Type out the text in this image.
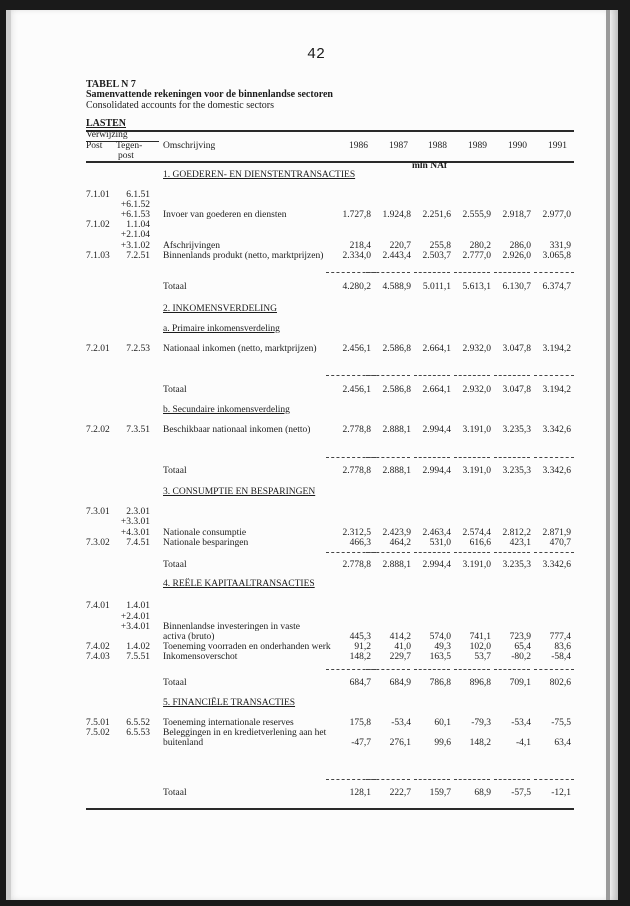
42
TABEL N 7
Samenvattende rekeningen voor de binnenlandse sectoren
Consolidated accounts for the domestic sectors
LASTEN
Verwijzing
Post Tegen-
post
Omschrijving	1986 1987 1988 1989 1990 1991
mln NAf
1. GOEDEREN- EN DIENSTENTRANSACTIES
7.1.01	6.1.51
+6.1.52
+6.1.53 Invoer van goederen en diensten	1.727,8	1.924,8	2.251,6	2.555,9	2.918,7	2.977,0
7.1.02	1.1.04
+2.1.04
+3.1.02 Afschrijvingen	218,4	220,7	255,8	280,2	286,0	331,9
7.1.03	7.2.51 Binnenlands produkt (netto, marktprijzen)	2.334,0	2.443,4	2.503,7	2.777,0	2.926,0	3.065,8
Totaal	4.280,2	4.588,9	5.011,1	5.613,1	6.130,7	6.374,7
2. INKOMENSVERDELING
a. Primaire inkomensverdeling
7.2.01	7.2.53 Nationaal inkomen (netto, marktprijzen)	2.456,1	2.586,8	2.664,1	2.932,0	3.047,8	3.194,2
Totaal	2.456,1	2.586,8	2.664,1	2.932,0	3.047,8	3.194,2
b. Secundaire inkomensverdeling
7.2.02	7.3.51 Beschikbaar nationaal inkomen (netto)	2.778,8	2.888,1	2.994,4	3.191,0	3.235,3	3.342,6
Totaal	2.778,8	2.888,1	2.994,4	3.191,0	3.235,3	3.342,6
3. CONSUMPTIE EN BESPARINGEN
7.3.01	2.3.01
+3.3.01
+4.3.01 Nationale consumptie	2.312,5	2.423,9	2.463,4	2.574,4	2.812,2	2.871,9
7.3.02	7.4.51 Nationale besparingen	466,3	464,2	531,0	616,6	423,1	470,7
Totaal	2.778,8	2.888,1	2.994,4	3.191,0	3.235,3	3.342,6
4. REËLE KAPITAALTRANSACTIES
7.4.01	1.4.01
+2.4.01
+3.4.01 Binnenlandse investeringen in vaste
activa (bruto)	445,3	414,2	574,0	741,1	723,9	777,4
7.4.02	1.4.02 Toeneming voorraden en onderhanden werk	91,2	41,0	49,3	102,0	65,4	83,6
7.4.03	7.5.51 Inkomensoverschot	148,2	229,7	163,5	53,7	-80,2	-58,4
Totaal	684,7	684,9	786,8	896,8	709,1	802,6
5. FINANCIËLE TRANSACTIES
7.5.01	6.5.52 Toeneming internationale reserves	175,8	-53,4	60,1	-79,3	-53,4	-75,5
7.5.02	6.5.53 Beleggingen in en kredietverlening aan het
buitenland	-47,7	276,1	99,6	148,2	-4,1	63,4
Totaal	128,1	222,7	159,7	68,9	-57,5	-12,1
